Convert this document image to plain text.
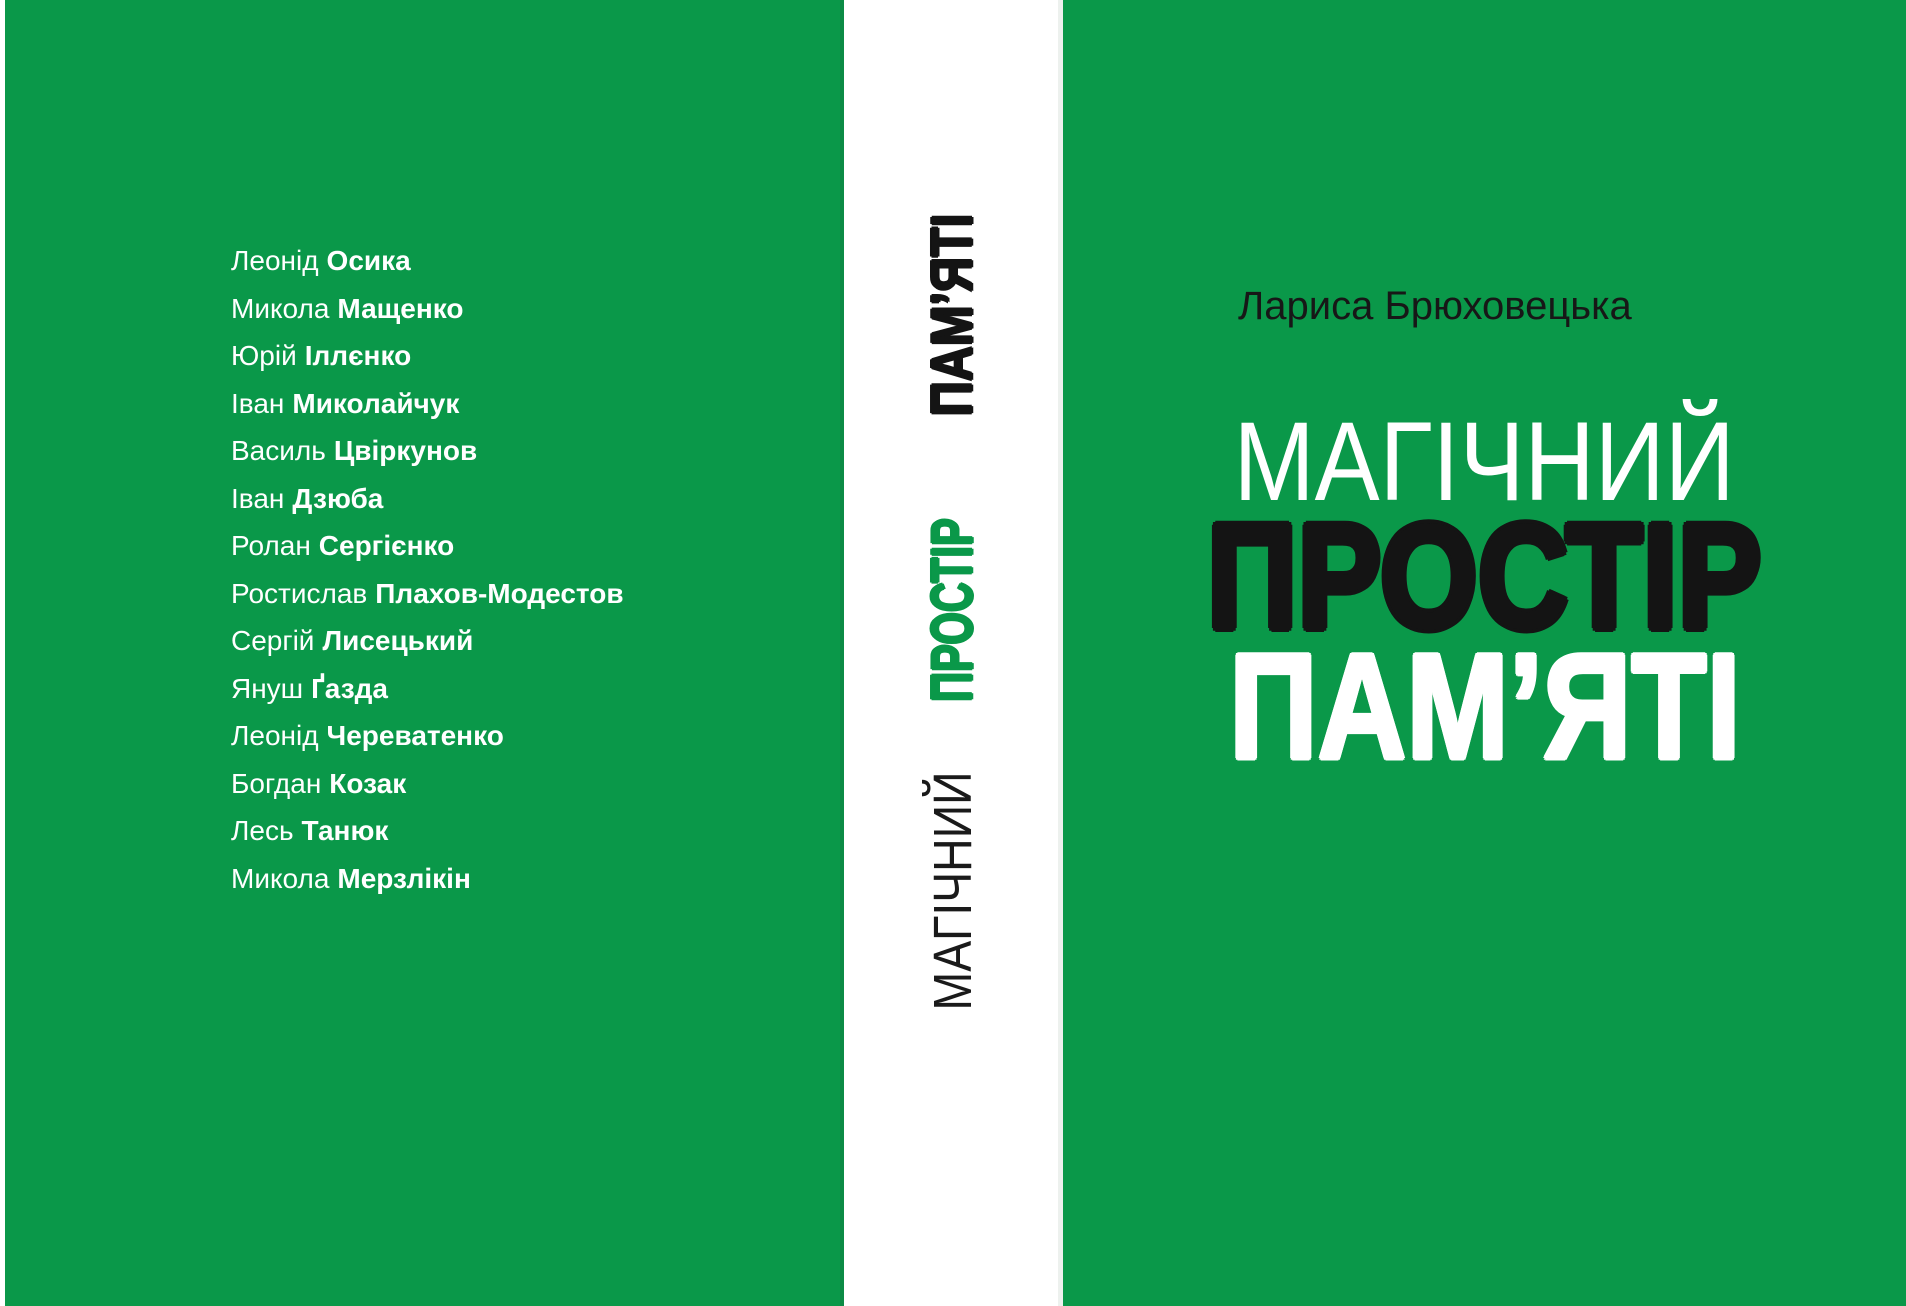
Леонід Осика
Микола Мащенко
Юрій Іллєнко
Іван Миколайчук
Василь Цвіркунов
Іван Дзюба
Ролан Сергієнко
Ростислав Плахов-Модестов
Сергій Лисецький
Януш Ґазда
Леонід Череватенко
Богдан Козак
Лесь Танюк
Микола Мерзлікін
ПАМ’ЯТІ
ПРОСТІР
МАГІЧНИЙ
Лариса Брюховецька
МАГІЧНИЙ
ПРОСТІР
ПАМ’ЯТІ
